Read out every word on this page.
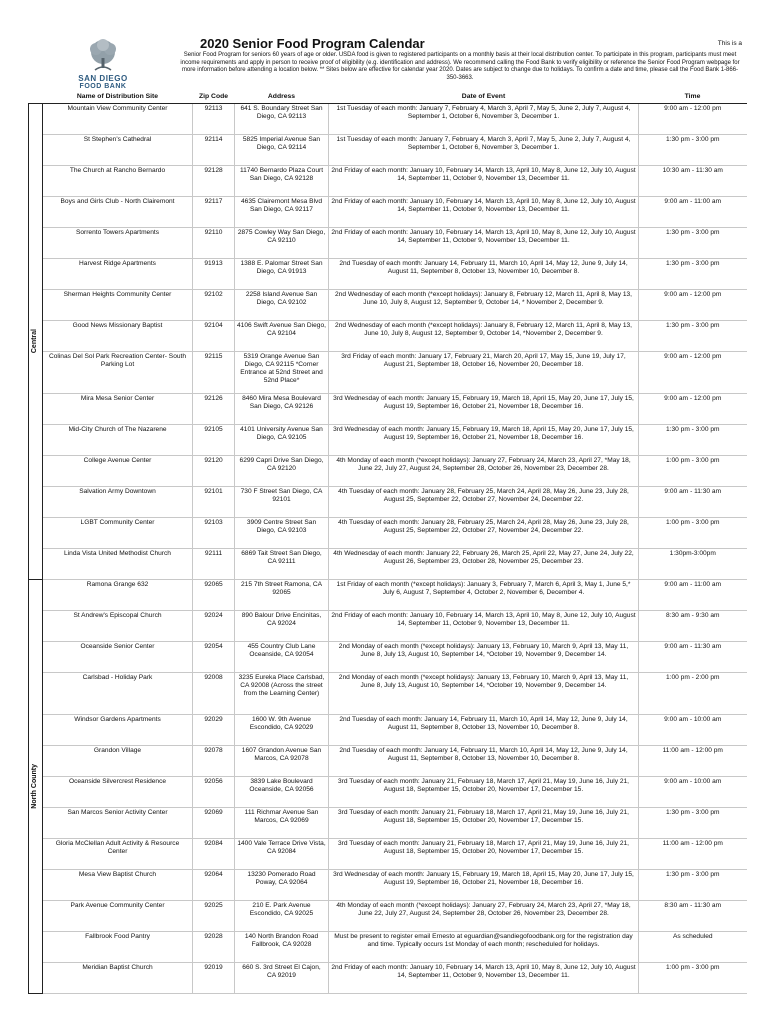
SAN DIEGO
FOOD BANK
2020 Senior Food Program Calendar	This is a
Senior Food Program for seniors 60 years of age or older. USDA food is given to registered participants on a monthly basis at their local distribution center. To participate in this program, participants must meet income requirements and apply in person to receive proof of eligibility (e.g. identification and address). We recommend calling the Food Bank to verify eligibility or reference the Senior Food Program webpage for more information before attending a location below. ** Sites below are effective for calendar year 2020. Dates are subject to change due to holidays. To confirm a date and time, please call the Food Bank 1-866-350-3663.
	Name of Distribution Site	Zip Code	Address	Date of Event	Time

Central	Mountain View Community Center	92113	641 S. Boundary Street San Diego, CA 92113	1st Tuesday of each month: January 7, February 4, March 3, April 7, May 5, June 2, July 7, August 4, September 1, October 6, November 3, December 1.	9:00 am - 12:00 pm
	St Stephen's Cathedral	92114	5825 Imperial Avenue San Diego, CA 92114	1st Tuesday of each month: January 7, February 4, March 3, April 7, May 5, June 2, July 7, August 4, September 1, October 6, November 3, December 1.	1:30 pm - 3:00 pm
	The Church at Rancho Bernardo	92128	11740 Bernardo Plaza Court San Diego, CA 92128	2nd Friday of each month: January 10, February 14, March 13, April 10, May 8, June 12, July 10, August 14, September 11, October 9, November 13, December 11.	10:30 am - 11:30 am
	Boys and Girls Club - North Clairemont	92117	4635 Clairemont Mesa Blvd San Diego, CA 92117	2nd Friday of each month: January 10, February 14, March 13, April 10, May 8, June 12, July 10, August 14, September 11, October 9, November 13, December 11.	9:00 am - 11:00 am
	Sorrento Towers Apartments	92110	2875 Cowley Way San Diego, CA 92110	2nd Friday of each month: January 10, February 14, March 13, April 10, May 8, June 12, July 10, August 14, September 11, October 9, November 13, December 11.	1:30 pm - 3:00 pm
	Harvest Ridge Apartments	91913	1388 E. Palomar Street San Diego, CA 91913	2nd Tuesday of each month: January 14, February 11, March 10, April 14, May 12, June 9, July 14, August 11, September 8, October 13, November 10, December 8.	1:30 pm - 3:00 pm
	Sherman Heights Community Center	92102	2258 Island Avenue San Diego, CA 92102	2nd Wednesday of each month (*except holidays): January 8, February 12, March 11, April 8, May 13, June 10, July 8, August 12, September 9, October 14, * November 2, December 9.	9:00 am - 12:00 pm
	Good News Missionary Baptist	92104	4106 Swift Avenue San Diego, CA 92104	2nd Wednesday of each month (*except holidays): January 8, February 12, March 11, April 8, May 13, June 10, July 8, August 12, September 9, October 14, *November 2, December 9.	1:30 pm - 3:00 pm
	Colinas Del Sol Park Recreation Center- South Parking Lot	92115	5319 Orange Avenue San Diego, CA 92115 *Corner Entrance at 52nd Street and 52nd Place*	3rd Friday of each month: January 17, February 21, March 20, April 17, May 15, June 19, July 17, August 21, September 18, October 16, November 20, December 18.	9:00 am - 12:00 pm
	Mira Mesa Senior Center	92126	8460 Mira Mesa Boulevard San Diego, CA 92126	3rd Wednesday of each month: January 15, February 19, March 18, April 15, May 20, June 17, July 15, August 19, September 16, October 21, November 18, December 16.	9:00 am - 12:00 pm
	Mid-City Church of The Nazarene	92105	4101 University Avenue San Diego, CA 92105	3rd Wednesday of each month: January 15, February 19, March 18, April 15, May 20, June 17, July 15, August 19, September 16, October 21, November 18, December 16.	1:30 pm - 3:00 pm
	College Avenue Center	92120	6299 Capri Drive San Diego, CA 92120	4th Monday of each month (*except holidays): January 27, February 24, March 23, April 27, *May 18, June 22, July 27, August 24, September 28, October 26, November 23, December 28.	1:00 pm - 3:00 pm
	Salvation Army Downtown	92101	730 F Street San Diego, CA 92101	4th Tuesday of each month: January 28, February 25, March 24, April 28, May 26, June 23, July 28, August 25, September 22, October 27, November 24, December 22.	9:00 am - 11:30 am
	LGBT Community Center	92103	3909 Centre Street San Diego, CA 92103	4th Tuesday of each month: January 28, February 25, March 24, April 28, May 26, June 23, July 28, August 25, September 22, October 27, November 24, December 22.	1:00 pm - 3:00 pm
	Linda Vista United Methodist Church	92111	6869 Tait Street San Diego, CA 92111	4th Wednesday of each month: January 22, February 26, March 25, April 22, May 27, June 24, July 22, August 26, September 23, October 28, November 25, December 23.	1:30pm-3:00pm

North County	Ramona Grange 632	92065	215 7th Street Ramona, CA 92065	1st Friday of each month (*except holidays): January 3, February 7, March 6, April 3, May 1, June 5,* July 6, August 7, September 4, October 2, November 6, December 4.	9:00 am - 11:00 am
	St Andrew's Episcopal Church	92024	890 Balour Drive Encinitas, CA 92024	2nd Friday of each month: January 10, February 14, March 13, April 10, May 8, June 12, July 10, August 14, September 11, October 9, November 13, December 11.	8:30 am - 9:30 am
	Oceanside Senior Center	92054	455 Country Club Lane Oceanside, CA 92054	2nd Monday of each month (*except holidays): January 13, February 10, March 9, April 13, May 11, June 8, July 13, August 10, September 14, *October 19, November 9, December 14.	9:00 am - 11:30 am
	Carlsbad - Holiday Park	92008	3235 Eureka Place Carlsbad, CA 92008 (Across the street from the Learning Center)	2nd Monday of each month (*except holidays): January 13, February 10, March 9, April 13, May 11, June 8, July 13, August 10, September 14, *October 19, November 9, December 14.	1:00 pm - 2:00 pm
	Windsor Gardens Apartments	92029	1600 W. 9th Avenue Escondido, CA 92029	2nd Tuesday of each month: January 14, February 11, March 10, April 14, May 12, June 9, July 14, August 11, September 8, October 13, November 10, December 8.	9:00 am - 10:00 am
	Grandon Village	92078	1607 Grandon Avenue San Marcos, CA 92078	2nd Tuesday of each month: January 14, February 11, March 10, April 14, May 12, June 9, July 14, August 11, September 8, October 13, November 10, December 8.	11:00 am - 12:00 pm
	Oceanside Silvercrest Residence	92056	3839 Lake Boulevard Oceanside, CA 92056	3rd Tuesday of each month: January 21, February 18, March 17, April 21, May 19, June 16, July 21, August 18, September 15, October 20, November 17, December 15.	9:00 am - 10:00 am
	San Marcos Senior Activity Center	92069	111 Richmar Avenue San Marcos, CA 92069	3rd Tuesday of each month: January 21, February 18, March 17, April 21, May 19, June 16, July 21, August 18, September 15, October 20, November 17, December 15.	1:30 pm - 3:00 pm
	Gloria McClellan Adult Activity & Resource Center	92084	1400 Vale Terrace Drive Vista, CA 92084	3rd Tuesday of each month: January 21, February 18, March 17, April 21, May 19, June 16, July 21, August 18, September 15, October 20, November 17, December 15.	11:00 am - 12:00 pm
	Mesa View Baptist Church	92064	13230 Pomerado Road Poway, CA 92064	3rd Wednesday of each month: January 15, February 19, March 18, April 15, May 20, June 17, July 15, August 19, September 16, October 21, November 18, December 16.	1:30 pm - 3:00 pm
	Park Avenue Community Center	92025	210 E. Park Avenue Escondido, CA 92025	4th Monday of each month (*except holidays): January 27, February 24, March 23, April 27, *May 18, June 22, July 27, August 24, September 28, October 26, November 23, December 28.	8:30 am - 11:30 am
	Fallbrook Food Pantry	92028	140 North Brandon Road Fallbrook, CA 92028	Must be present to register email Ernesto at eguardian@sandiegofoodbank.org for the registration day and time. Typically occurs 1st Monday of each month; rescheduled for holidays.	As scheduled
	Meridian Baptist Church	92019	660 S. 3rd Street El Cajon, CA 92019	2nd Friday of each month: January 10, February 14, March 13, April 10, May 8, June 12, July 10, August 14, September 11, October 9, November 13, December 11.	1:00 pm - 3:00 pm
